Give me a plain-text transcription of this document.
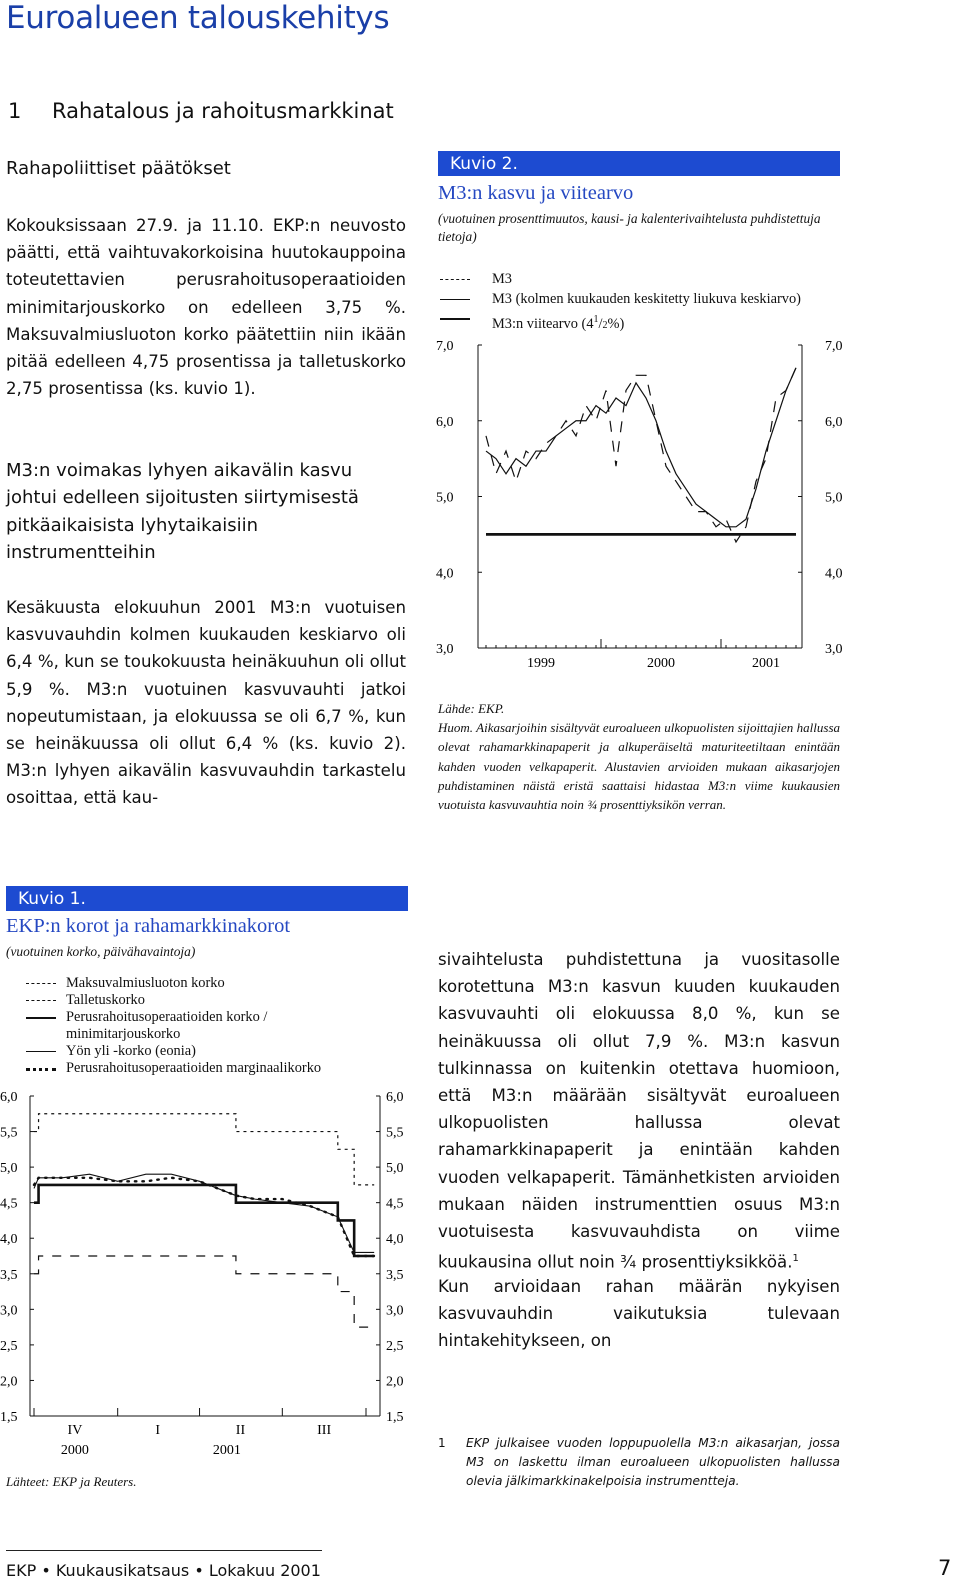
Euroalueen talouskehitys
1 Rahatalous ja rahoitusmarkkinat
Rahapoliittiset päätökset
Kokouksissaan 27.9. ja 11.10. EKP:n neuvosto päätti, että vaihtuvakorkoisina huutokauppoina toteutettavien perusrahoitusoperaatioiden minimitarjouskorko on edelleen 3,75 %. Maksuvalmiusluoton korko päätettiin niin ikään pitää edelleen 4,75 prosentissa ja talletuskorko 2,75 prosentissa (ks. kuvio 1).
M3:n voimakas lyhyen aikavälin kasvu johtui edelleen sijoitusten siirtymisestä pitkäaikaisista lyhytaikaisiin instrumentteihin
Kesäkuusta elokuuhun 2001 M3:n vuotuisen kasvuvauhdin kolmen kuukauden keskiarvo oli 6,4 %, kun se toukokuusta heinäkuuhun oli ollut 5,9 %. M3:n vuotuinen kasvuvauhti jatkoi nopeutumistaan, ja elokuussa se oli 6,7 %, kun se heinäkuussa oli ollut 6,4 % (ks. kuvio 2). M3:n lyhyen aikavälin kasvuvauhdin tarkastelu osoittaa, että kau-
sivaihtelusta puhdistettuna ja vuositasolle korotettuna M3:n kasvun kuuden kuukauden kasvuvauhti oli elokuussa 8,0 %, kun se heinäkuussa oli ollut 7,9 %. M3:n kasvun tulkinnassa on kuitenkin otettava huomioon, että M3:n määrään sisältyvät euroalueen ulkopuolisten hallussa olevat rahamarkkinapaperit ja enintään kahden vuoden velkapaperit. Tämänhetkisten arvioiden mukaan näiden instrumenttien osuus M3:n vuotuisesta kasvuvauhdista on viime kuukausina ollut noin ¾ prosenttiyksikköä.$^1$
Kun arvioidaan rahan määrän nykyisen kasvuvauhdin vaikutuksia tulevaan hintakehitykseen, on
1 EKP julkaisee vuoden loppupuolella M3:n aikasarjan, jossa M3 on laskettu ilman euroalueen ulkopuolisten hallussa olevia jälkimarkkinakelpoisia instrumentteja.
EKP • Kuukausikatsaus • Lokakuu 2001	7
Kuvio 2.
M3:n kasvu ja viitearvo
(vuotuinen prosenttimuutos, kausi- ja kalenterivaihtelusta puhdistettuja tietoja)
M3
M3 (kolmen kuukauden keskitetty liukuva keskiarvo)
M3:n viitearvo $(4^1/2\%)$
7,0	7,0
6,0	6,0
5,0	5,0
4,0	4,0
3,0	3,0
1999	2000	2001
Lähde: EKP.
Huom. Aikasarjoihin sisältyvät euroalueen ulkopuolisten sijoittajien hallussa olevat rahamarkkinapaperit ja alkuperäiseltä maturiteetiltaan enintään kahden vuoden velkapaperit. Alustavien arvioiden mukaan aikasarjojen puhdistaminen näistä eristä saattaisi hidastaa M3:n viime kuukausien vuotuista kasvuvauhtia noin ¾ prosenttiyksikön verran.
Kuvio 1.
EKP:n korot ja rahamarkkinakorot
(vuotuinen korko, päivähavaintoja)
Maksuvalmiusluoton korko
Talletuskorko
Perusrahoitusoperaatioiden korko /
minimitarjouskorko
Yön yli -korko (eonia)
Perusrahoitusoperaatioiden marginaalikorko
6,0	6,0
5,5	5,5
5,0	5,0
4,5	4,5
4,0	4,0
3,5	3,5
3,0	3,0
2,5	2,5
2,0	2,0
1,5	1,5
IV	I	II	III
2000	2001
Lähteet: EKP ja Reuters.
